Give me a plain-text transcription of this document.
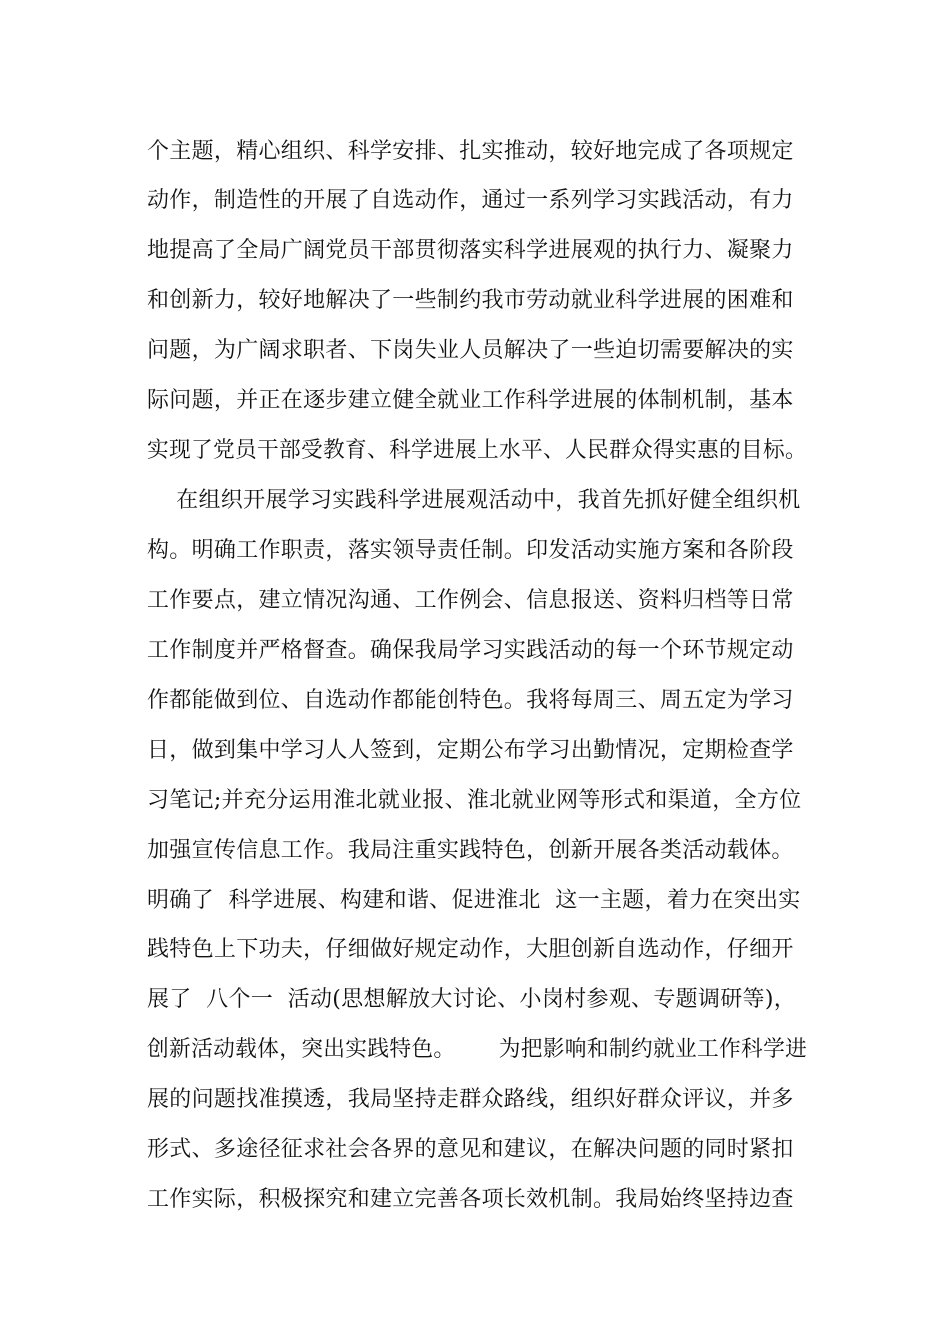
个主题，精心组织、科学安排、扎实推动，较好地完成了各项规定
动作，制造性的开展了自选动作，通过一系列学习实践活动，有力
地提高了全局广阔党员干部贯彻落实科学进展观的执行力、凝聚力
和创新力，较好地解决了一些制约我市劳动就业科学进展的困难和
问题，为广阔求职者、下岗失业人员解决了一些迫切需要解决的实
际问题，并正在逐步建立健全就业工作科学进展的体制机制，基本
实现了党员干部受教育、科学进展上水平、人民群众得实惠的目标。
在组织开展学习实践科学进展观活动中，我首先抓好健全组织机
构。明确工作职责，落实领导责任制。印发活动实施方案和各阶段
工作要点，建立情况沟通、工作例会、信息报送、资料归档等日常
工作制度并严格督查。确保我局学习实践活动的每一个环节规定动
作都能做到位、自选动作都能创特色。我将每周三、周五定为学习
日，做到集中学习人人签到，定期公布学习出勤情况，定期检查学
习笔记;并充分运用淮北就业报、淮北就业网等形式和渠道，全方位
加强宣传信息工作。我局注重实践特色，创新开展各类活动载体。
明确了  科学进展、构建和谐、促进淮北  这一主题，着力在突出实
践特色上下功夫，仔细做好规定动作，大胆创新自选动作，仔细开
展了  八个一  活动(思想解放大讨论、小岗村参观、专题调研等)，
创新活动载体，突出实践特色。      为把影响和制约就业工作科学进
展的问题找准摸透，我局坚持走群众路线，组织好群众评议，并多
形式、多途径征求社会各界的意见和建议，在解决问题的同时紧扣
工作实际，积极探究和建立完善各项长效机制。我局始终坚持边查
